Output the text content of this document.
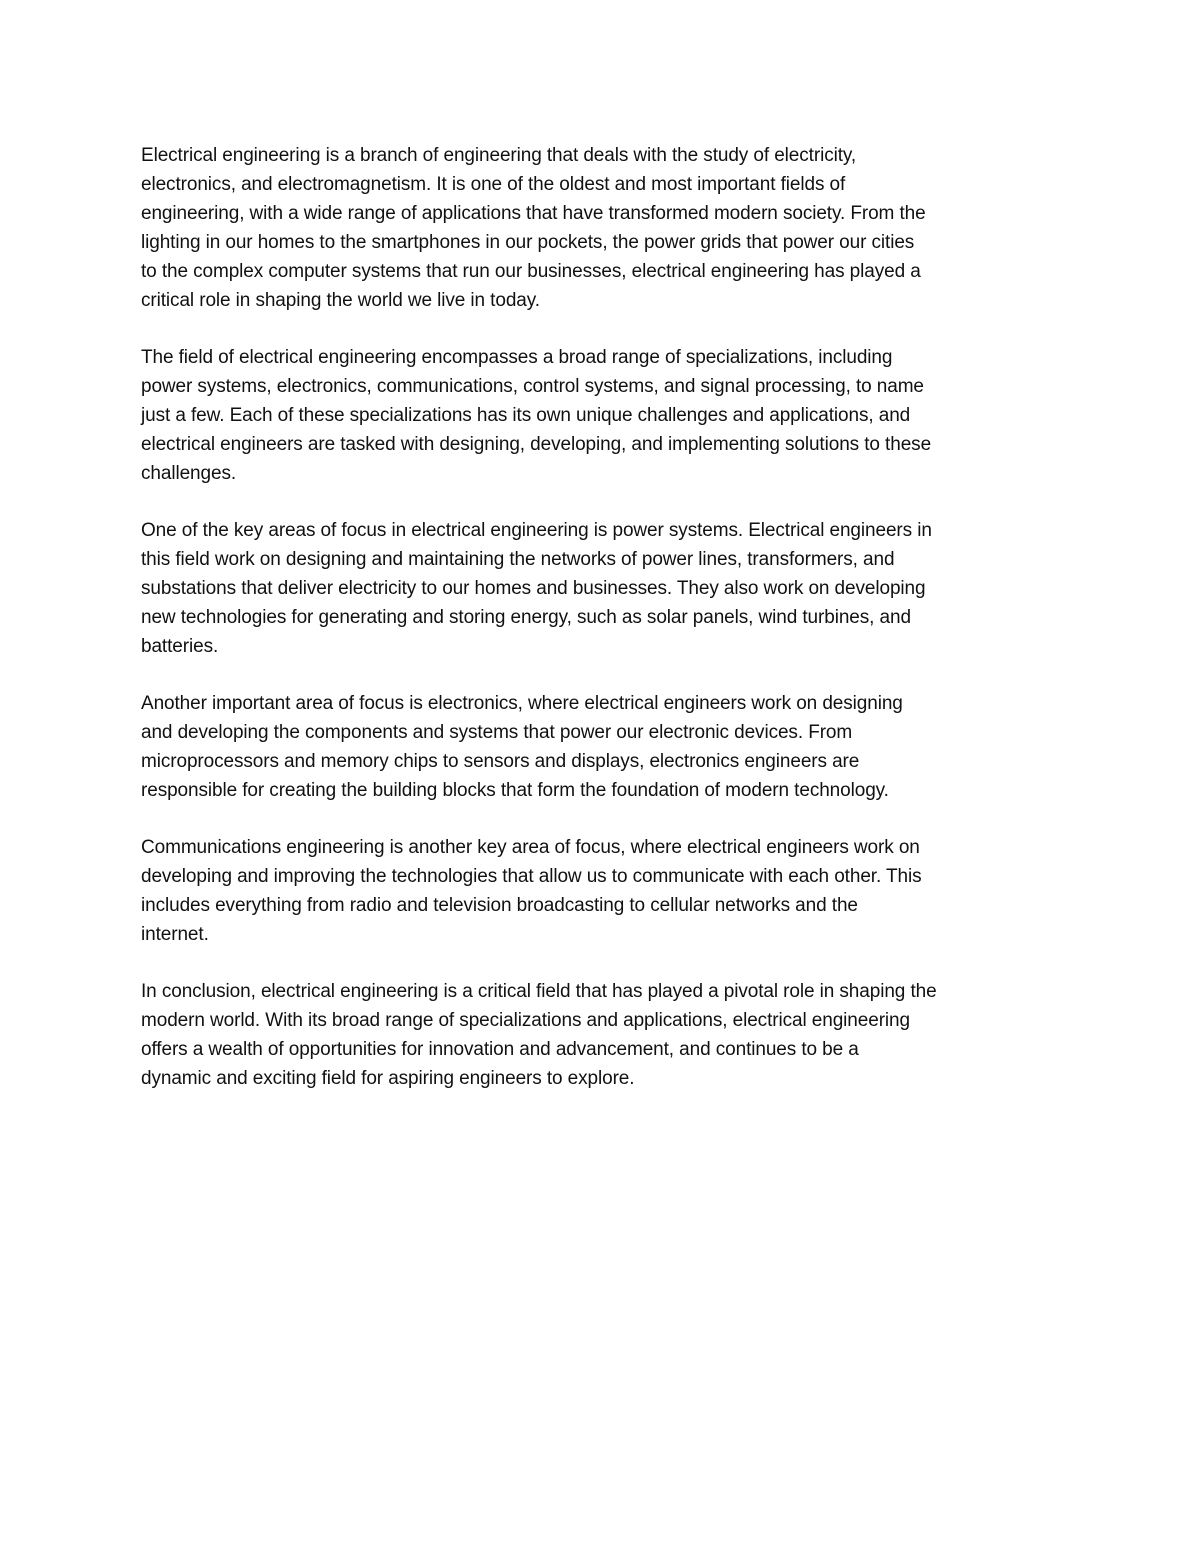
Electrical engineering is a branch of engineering that deals with the study of electricity,
electronics, and electromagnetism. It is one of the oldest and most important fields of
engineering, with a wide range of applications that have transformed modern society. From the
lighting in our homes to the smartphones in our pockets, the power grids that power our cities
to the complex computer systems that run our businesses, electrical engineering has played a
critical role in shaping the world we live in today.
The field of electrical engineering encompasses a broad range of specializations, including
power systems, electronics, communications, control systems, and signal processing, to name
just a few. Each of these specializations has its own unique challenges and applications, and
electrical engineers are tasked with designing, developing, and implementing solutions to these
challenges.
One of the key areas of focus in electrical engineering is power systems. Electrical engineers in
this field work on designing and maintaining the networks of power lines, transformers, and
substations that deliver electricity to our homes and businesses. They also work on developing
new technologies for generating and storing energy, such as solar panels, wind turbines, and
batteries.
Another important area of focus is electronics, where electrical engineers work on designing
and developing the components and systems that power our electronic devices. From
microprocessors and memory chips to sensors and displays, electronics engineers are
responsible for creating the building blocks that form the foundation of modern technology.
Communications engineering is another key area of focus, where electrical engineers work on
developing and improving the technologies that allow us to communicate with each other. This
includes everything from radio and television broadcasting to cellular networks and the
internet.
In conclusion, electrical engineering is a critical field that has played a pivotal role in shaping the
modern world. With its broad range of specializations and applications, electrical engineering
offers a wealth of opportunities for innovation and advancement, and continues to be a
dynamic and exciting field for aspiring engineers to explore.
